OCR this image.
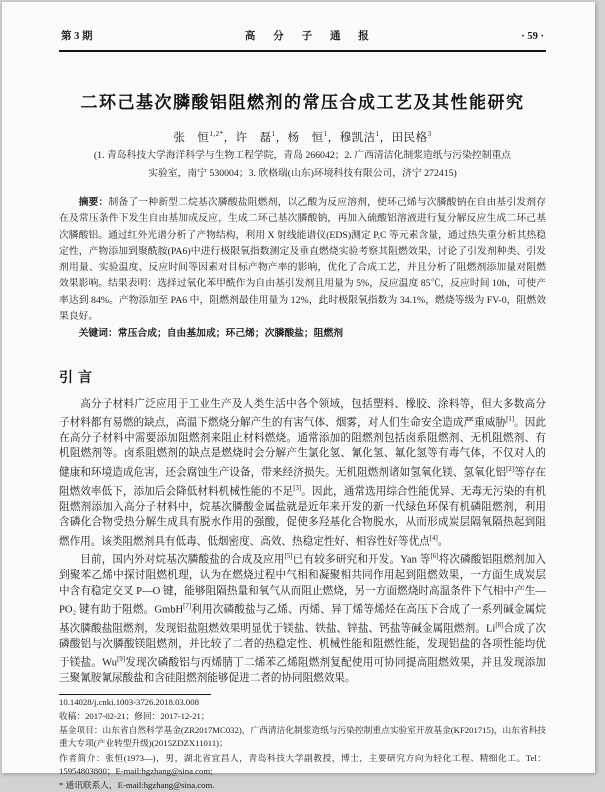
第 3 期	高分子通报	· 59 ·
二环己基次膦酸铝阻燃剂的常压合成工艺及其性能研究
张　恒$^{1,2*}$，许　磊$^1$，杨　恒$^1$，穆凯洁$^1$，田民格$^3$
(1. 青岛科技大学海洋科学与生物工程学院，青岛 266042；2. 广西清洁化制浆造纸与污染控制重点
实验室，南宁 530004；3. 欣格瑞(山东)环境科技有限公司，济宁 272415)

摘要：制备了一种新型二烷基次膦酸盐阻燃剂，以乙酸为反应溶剂，使环己烯与次膦酸钠在自由基引发剂存在及常压条件下发生自由基加成反应，生成二环己基次膦酸钠，再加入硫酸铝溶液进行复分解反应生成二环己基次膦酸铝。通过红外光谱分析了产物结构，利用 X 射线能谱仪(EDS)测定 P,C 等元素含量，通过热失重分析其热稳定性，产物添加到聚酰胺(PA6)中进行极限氧指数测定及垂直燃烧实验考察其阻燃效果，讨论了引发剂种类、引发剂用量、实验温度、反应时间等因素对目标产物产率的影响，优化了合成工艺，并且分析了阻燃剂添加量对阻燃效果影响。结果表明：选择过氧化苯甲酰作为自由基引发剂且用量为 5%，反应温度 85℃，反应时间 10h，可使产率达到 84%。产物添加至 PA6 中，阻燃剂最佳用量为 12%，此时极限氧指数为 34.1%，燃烧等级为 FV-0，阻燃效果良好。

关键词：常压合成；自由基加成；环己烯；次膦酸盐；阻燃剂

引言

高分子材料广泛应用于工业生产及人类生活中各个领域，包括塑料、橡胶、涂料等，但大多数高分子材料都有易燃的缺点，高温下燃烧分解产生的有害气体、烟雾，对人们生命安全造成严重威胁[1]。因此在高分子材料中需要添加阻燃剂来阻止材料燃烧。通常添加的阻燃剂包括卤系阻燃剂、无机阻燃剂、有机阻燃剂等。卤系阻燃剂的缺点是燃烧时会分解产生氯化氢、氰化氢、氟化氢等有毒气体，不仅对人的健康和环境造成危害，还会腐蚀生产设备，带来经济损失。无机阻燃剂诸如氢氧化镁、氢氧化铝[2]等存在阻燃效率低下，添加后会降低材料机械性能的不足[3]。因此，通常选用综合性能优异、无毒无污染的有机阻燃剂添加入高分子材料中，烷基次膦酸金属盐就是近年来开发的新一代绿色环保有机磷阻燃剂，利用含磷化合物受热分解生成具有脱水作用的强酸，促使多羟基化合物脱水，从而形成炭层隔氧隔热起到阻燃作用。该类阻燃剂具有低毒、低烟密度、高效、热稳定性好、相容性好等优点[4]。

目前，国内外对烷基次膦酸盐的合成及应用[5]已有较多研究和开发。Yan 等[6]将次磷酸铝阻燃剂加入到聚苯乙烯中探讨阻燃机理，认为在燃烧过程中气相和凝聚相共同作用起到阻燃效果，一方面生成炭层中含有稳定交叉 P—O 键，能够阻隔热量和氧气从而阻止燃烧，另一方面燃烧时高温条件下气相中产生—PO₂ 键有助于阻燃。GmbH[7]利用次磷酸盐与乙烯、丙烯、异丁烯等烯烃在高压下合成了一系列碱金属烷基次膦酸盐阻燃剂，发现铝盐阻燃效果明显优于镁盐、铁盐、锌盐、钙盐等碱金属阻燃剂。Li[8]合成了次磷酸铝与次膦酸镁阻燃剂，并比较了二者的热稳定性、机械性能和阻燃性能，发现铝盐的各项性能均优于镁盐。Wu[9]发现次磷酸铝与丙烯腈丁二烯苯乙烯阻燃剂复配使用可协同提高阻燃效果，并且发现添加三聚氰胺氰尿酸盐和含硅阻燃剂能够促进二者的协同阻燃效果。

10.14028/j.cnki.1003-3726.2018.03.008
收稿：2017-02-21；修回：2017-12-21；
基金项目：山东省自然科学基金(ZR2017MC032)，广西清洁化制浆造纸与污染控制重点实验室开放基金(KF201715)，山东省科技重大专项(产业转型升级)(2015ZDZX11011)；
作者简介：张恒(1973—)，男，湖北省宜昌人，青岛科技大学副教授，博士，主要研究方向为轻化工程、精细化工。Tel：15954803800；E-mail:hgzhang@sina.com;
* 通讯联系人，E-mail:hgzhang@sina.com.
